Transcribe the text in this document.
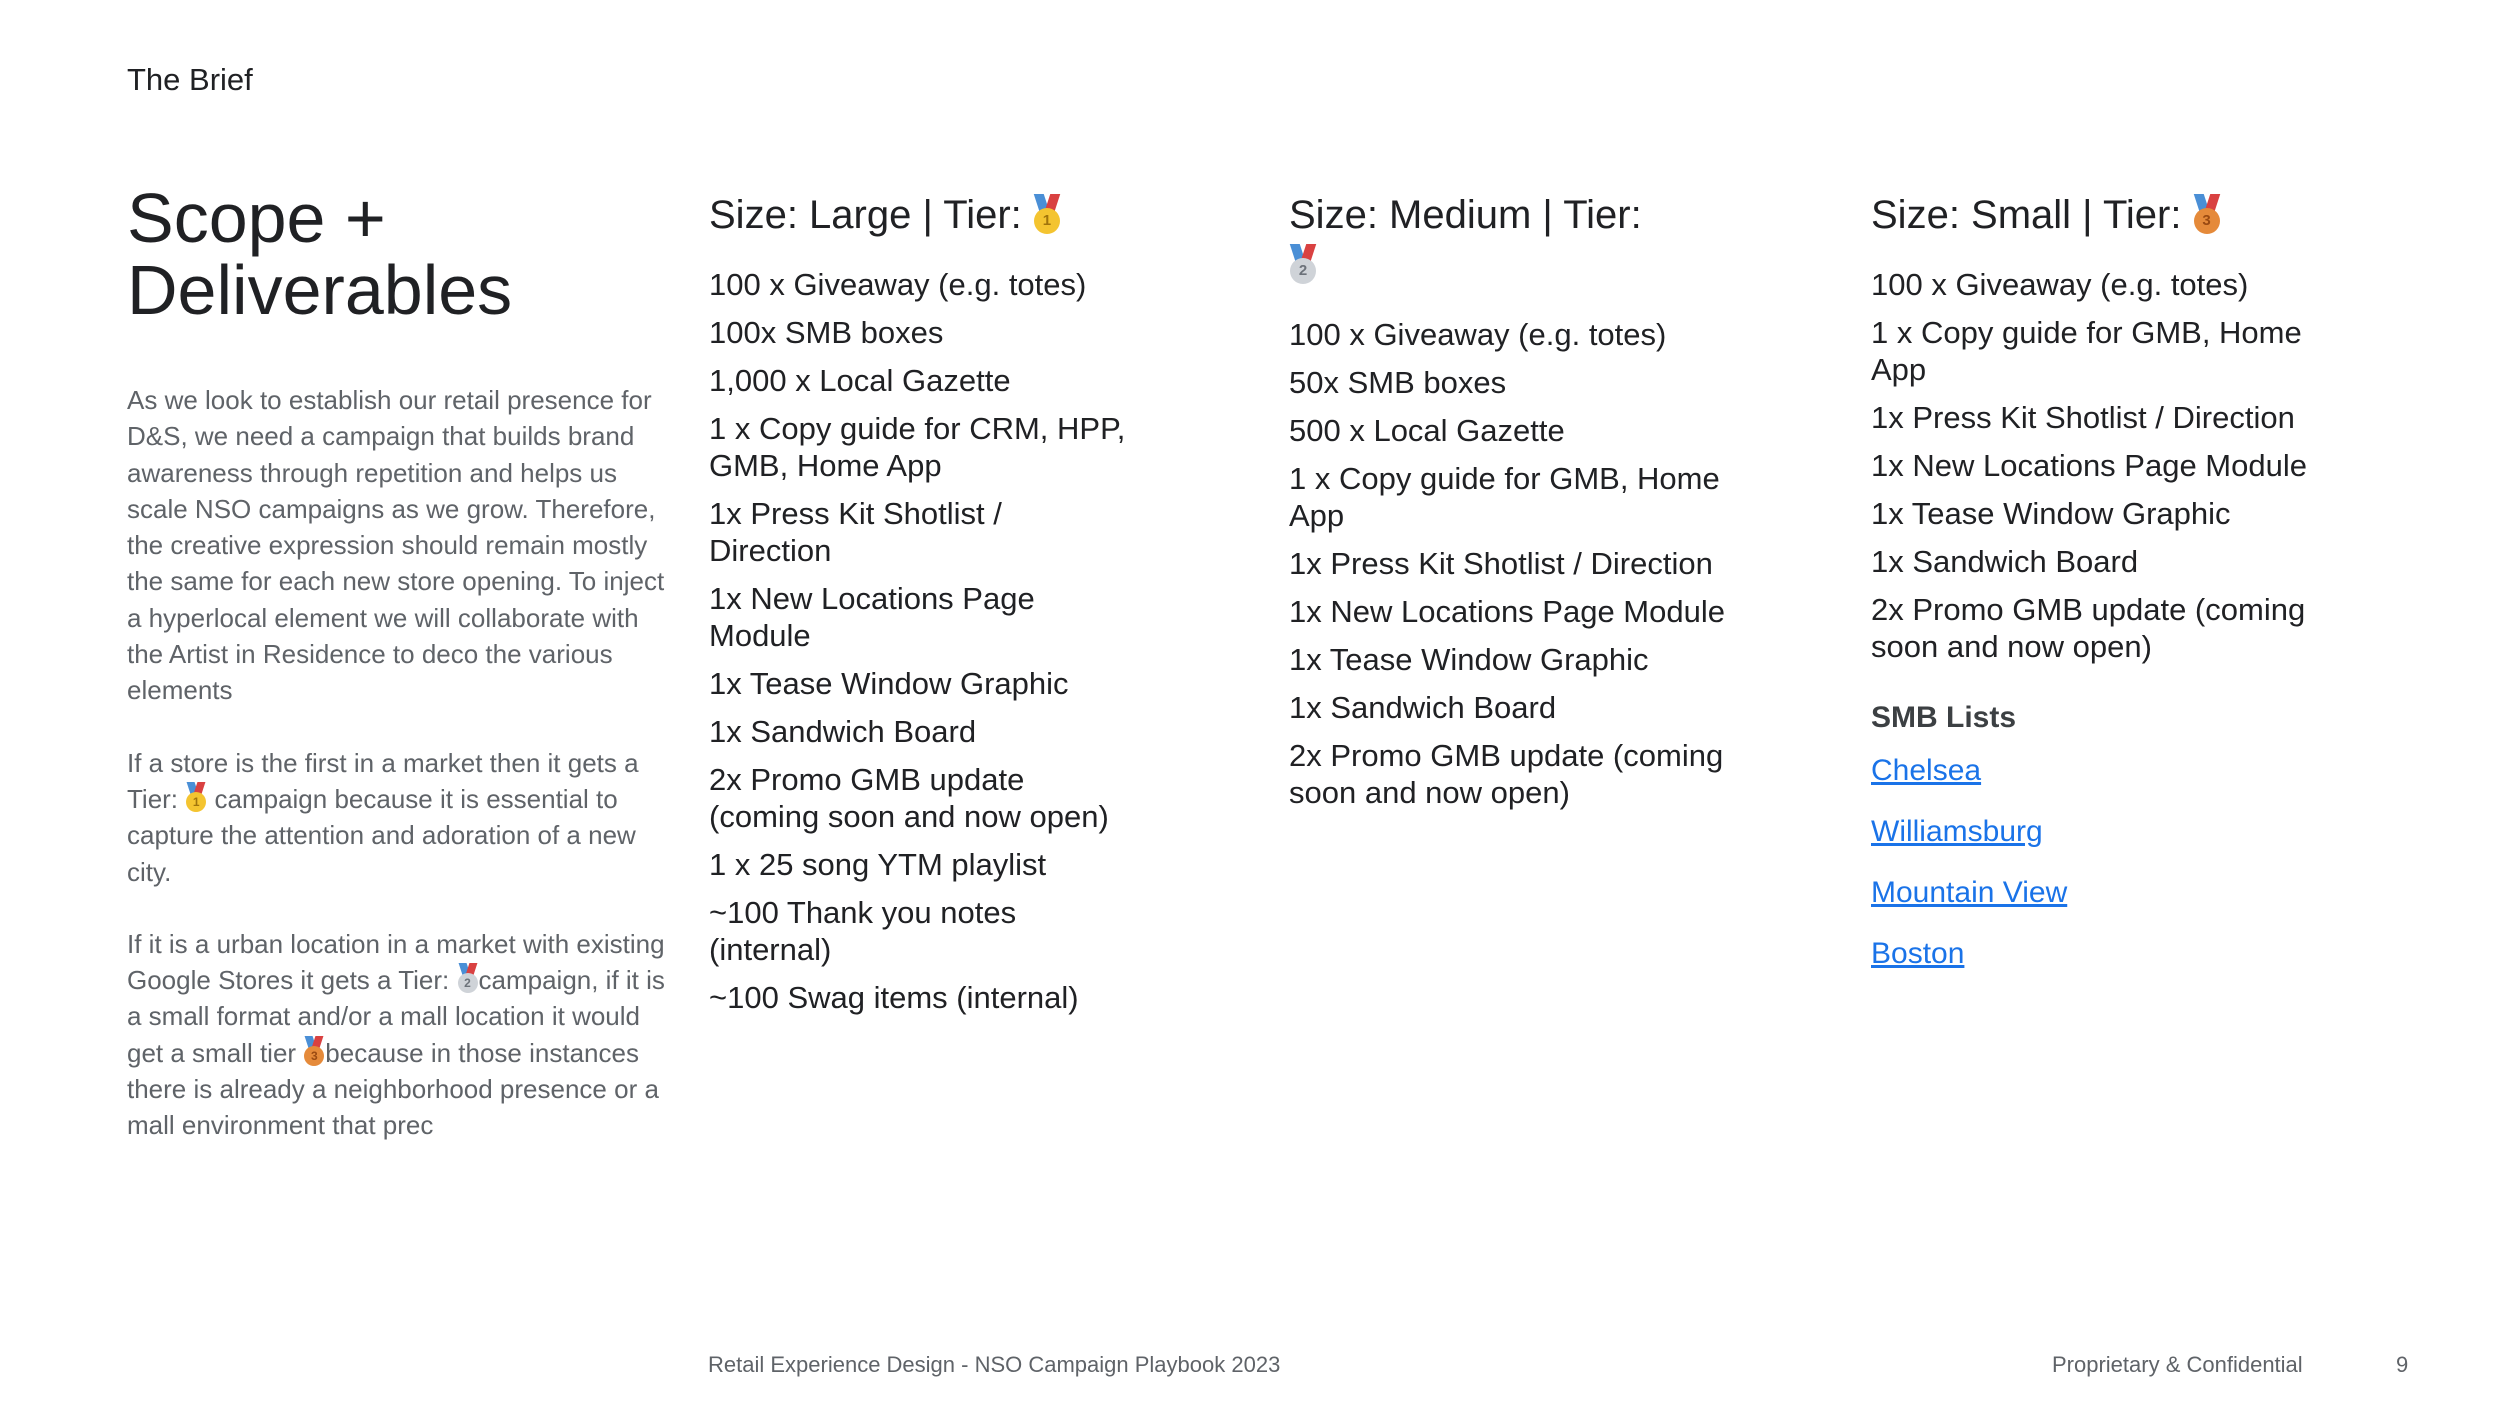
The Brief
Scope +
Deliverables

As we look to establish our retail presence for D&S, we need a campaign that builds brand awareness through repetition and helps us scale NSO campaigns as we grow. Therefore, the creative expression should remain mostly the same for each new store opening. To inject a hyperlocal element we will collaborate with the Artist in Residence to deco the various elements

If a store is the first in a market then it gets a Tier: 1 campaign because it is essential to capture the attention and adoration of a new city.

If it is a urban location in a market with existing Google Stores it gets a Tier: 2 campaign, if it is a small format and/or a mall location it would get a small tier 3 because in those instances there is already a neighborhood presence or a mall environment that prec

Size: Large | Tier:	1
100 x Giveaway (e.g. totes)
100x SMB boxes
1,000 x Local Gazette
1 x Copy guide for CRM, HPP, GMB, Home App
1x Press Kit Shotlist / Direction
1x New Locations Page Module
1x Tease Window Graphic
1x Sandwich Board
2x Promo GMB update (coming soon and now open)
1 x 25 song YTM playlist
~100 Thank you notes (internal)
~100 Swag items (internal)
Size: Medium | Tier:

2
100 x Giveaway (e.g. totes)
50x SMB boxes
500 x Local Gazette
1 x Copy guide for GMB, Home App
1x Press Kit Shotlist / Direction
1x New Locations Page Module
1x Tease Window Graphic
1x Sandwich Board
2x Promo GMB update (coming soon and now open)
Size: Small | Tier:	3
100 x Giveaway (e.g. totes)
1 x Copy guide for GMB, Home App
1x Press Kit Shotlist / Direction
1x New Locations Page Module
1x Tease Window Graphic
1x Sandwich Board
2x Promo GMB update (coming soon and now open)
SMB Lists
Chelsea
Williamsburg
Mountain View
Boston
Retail Experience Design - NSO Campaign Playbook 2023	Proprietary & Confidential	9
